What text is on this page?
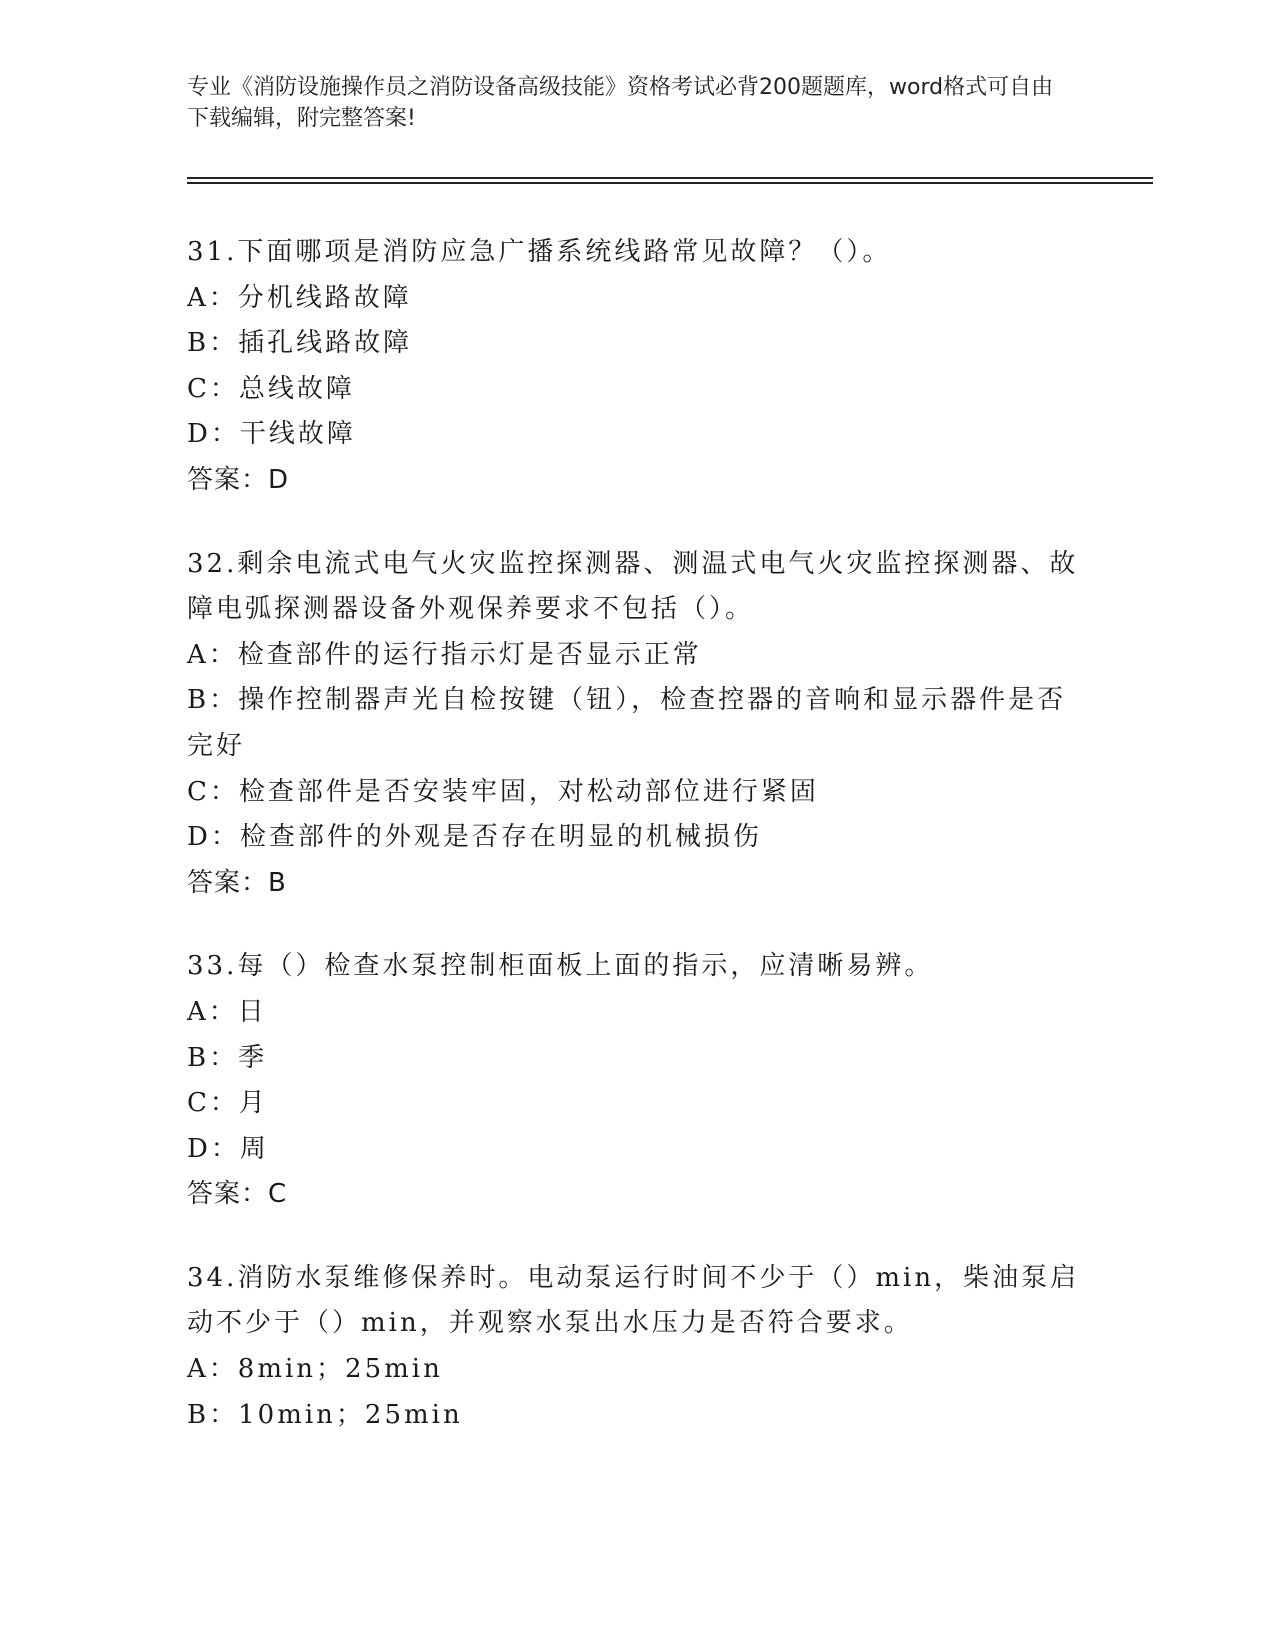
专业《消防设施操作员之消防设备高级技能》资格考试必背200题题库，word格式可自由下载编辑，附完整答案!
31.下面哪项是消防应急广播系统线路常见故障？（）。
A：分机线路故障
B：插孔线路故障
C：总线故障
D：干线故障
答案：D
32.剩余电流式电气火灾监控探测器、测温式电气火灾监控探测器、故障电弧探测器设备外观保养要求不包括（）。
A：检查部件的运行指示灯是否显示正常
B：操作控制器声光自检按键（钮），检查控器的音响和显示器件是否完好
C：检查部件是否安装牢固，对松动部位进行紧固
D：检查部件的外观是否存在明显的机械损伤
答案：B
33.每（）检查水泵控制柜面板上面的指示，应清晰易辨。
A：日
B：季
C：月
D：周
答案：C
34.消防水泵维修保养时。电动泵运行时间不少于（）min，柴油泵启动不少于（）min，并观察水泵出水压力是否符合要求。
A：8min；25min
B：10min；25min
